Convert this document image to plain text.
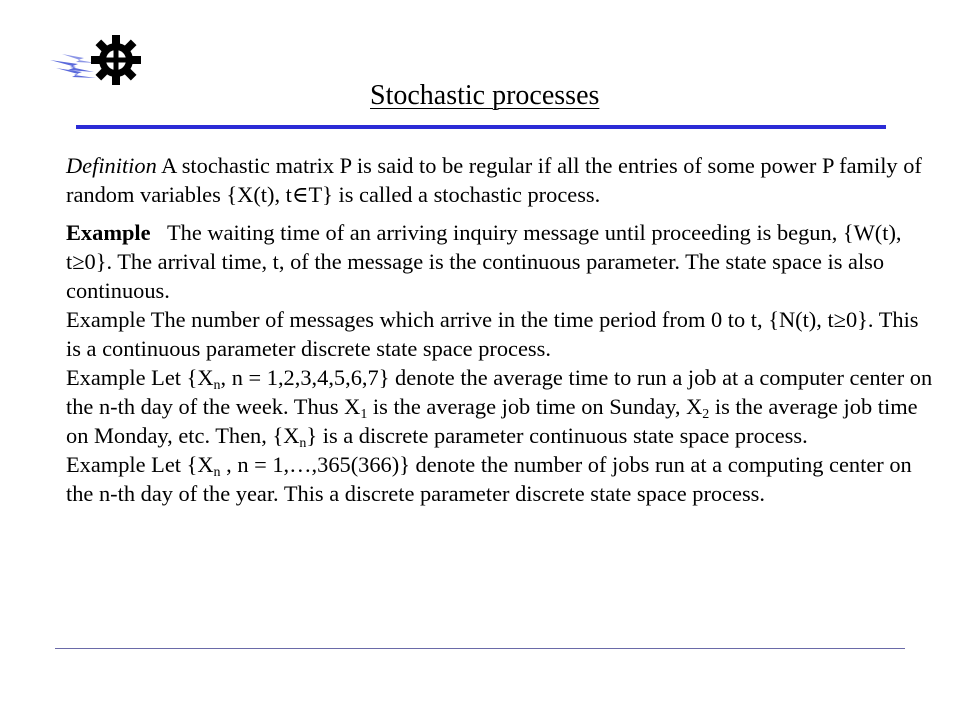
Stochastic processes

Definition A stochastic matrix P is said to be regular if all the entries of some power P family of random variables {X(t), t∈T} is called a stochastic process.

Example   The waiting time of an arriving inquiry message until proceeding is begun, {W(t), t≥0}. The arrival time, t, of the message is the continuous parameter. The state space is also continuous.

Example The number of messages which arrive in the time period from 0 to t, {N(t), t≥0}. This is a continuous parameter discrete state space process.

Example Let {$X_n$, n = 1,2,3,4,5,6,7} denote the average time to run a job at a computer center on the n-th day of the week. Thus $X_1$ is the average job time on Sunday, $X_2$ is the average job time on Monday, etc. Then, $\{X_n\}$ is a discrete parameter continuous state space process.

Example Let {$X_n$ , n = 1,…,365(366)} denote the number of jobs run at a computing center on the n-th day of the year. This a discrete parameter discrete state space process.
